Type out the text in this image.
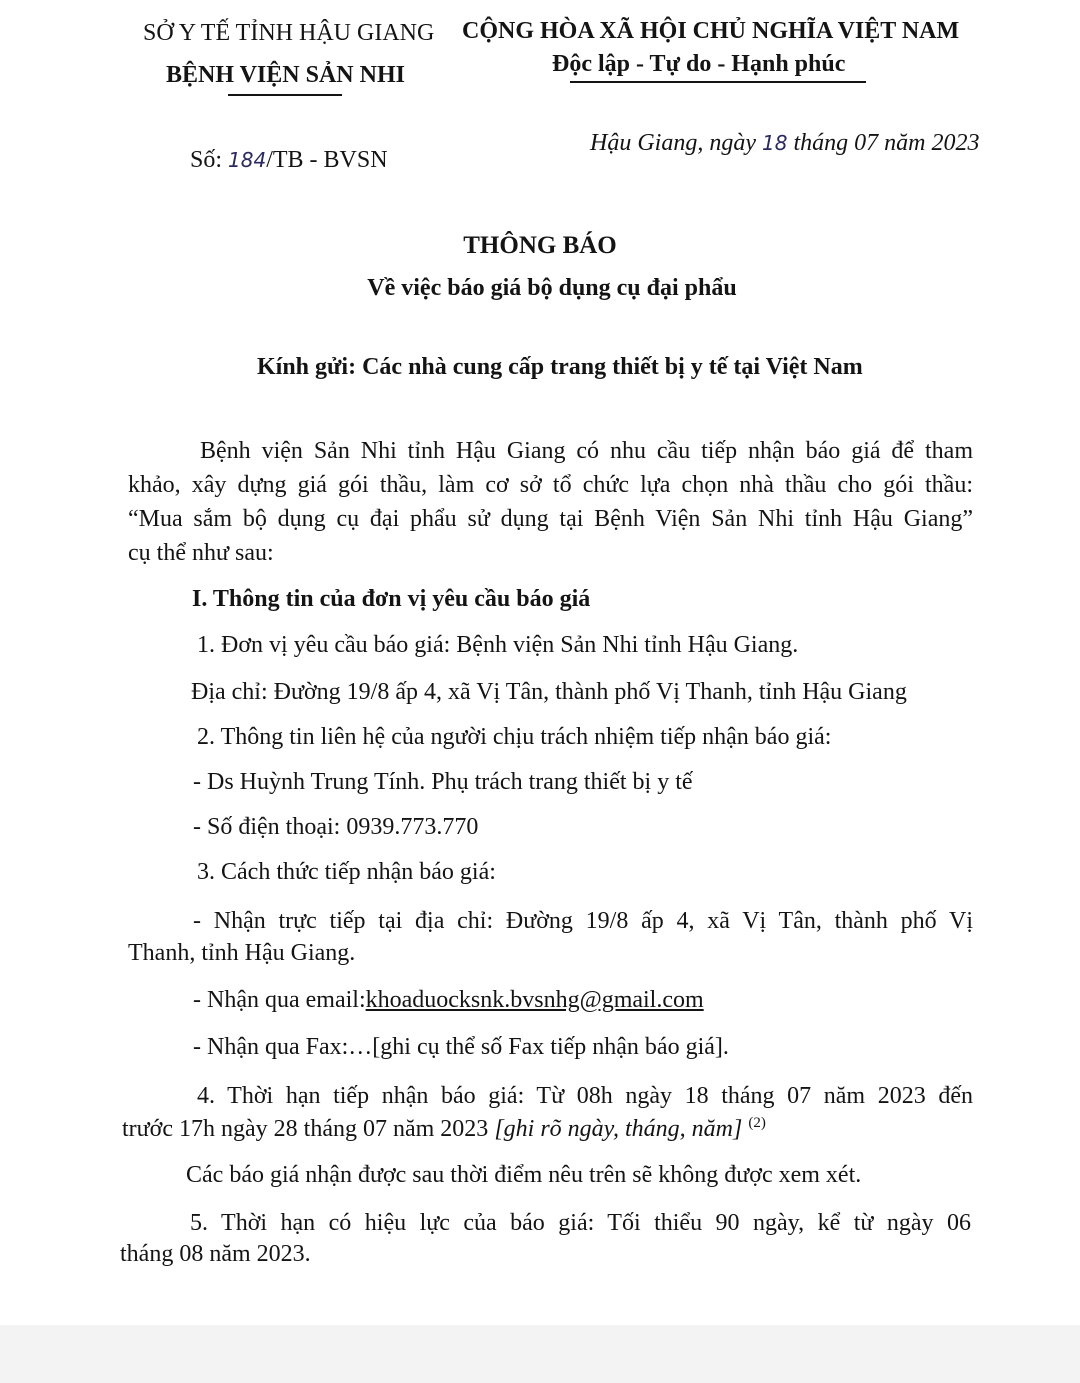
SỞ Y TẾ TỈNH HẬU GIANG
BỆNH VIỆN SẢN NHI
CỘNG HÒA XÃ HỘI CHỦ NGHĨA VIỆT NAM
Độc lập - Tự do - Hạnh phúc
Số: 184/TB - BVSN
Hậu Giang, ngày 18 tháng 07 năm 2023
THÔNG BÁO
Về việc báo giá bộ dụng cụ đại phẩu
Kính gửi: Các nhà cung cấp trang thiết bị y tế tại Việt Nam
Bệnh viện Sản Nhi tỉnh Hậu Giang có nhu cầu tiếp nhận báo giá để tham
khảo, xây dựng giá gói thầu, làm cơ sở tổ chức lựa chọn nhà thầu cho gói thầu:
“Mua sắm bộ dụng cụ đại phẩu sử dụng tại Bệnh Viện Sản Nhi tỉnh Hậu Giang”
cụ thể như sau:
I. Thông tin của đơn vị yêu cầu báo giá
1. Đơn vị yêu cầu báo giá: Bệnh viện Sản Nhi tỉnh Hậu Giang.
Địa chỉ: Đường 19/8 ấp 4, xã Vị Tân, thành phố Vị Thanh, tỉnh Hậu Giang
2. Thông tin liên hệ của người chịu trách nhiệm tiếp nhận báo giá:
- Ds Huỳnh Trung Tính. Phụ trách trang thiết bị y tế
- Số điện thoại: 0939.773.770
3. Cách thức tiếp nhận báo giá:
- Nhận trực tiếp tại địa chỉ: Đường 19/8 ấp 4, xã Vị Tân, thành phố Vị
Thanh, tỉnh Hậu Giang.
- Nhận qua email:khoaduocksnk.bvsnhg@gmail.com
- Nhận qua Fax:…[ghi cụ thể số Fax tiếp nhận báo giá].
4. Thời hạn tiếp nhận báo giá: Từ 08h ngày 18 tháng 07 năm 2023 đến
trước 17h ngày 28 tháng 07 năm 2023 [ghi rõ ngày, tháng, năm] $^{(2)}$
Các báo giá nhận được sau thời điểm nêu trên sẽ không được xem xét.
5. Thời hạn có hiệu lực của báo giá: Tối thiểu 90 ngày, kể từ ngày 06
tháng 08 năm 2023.
